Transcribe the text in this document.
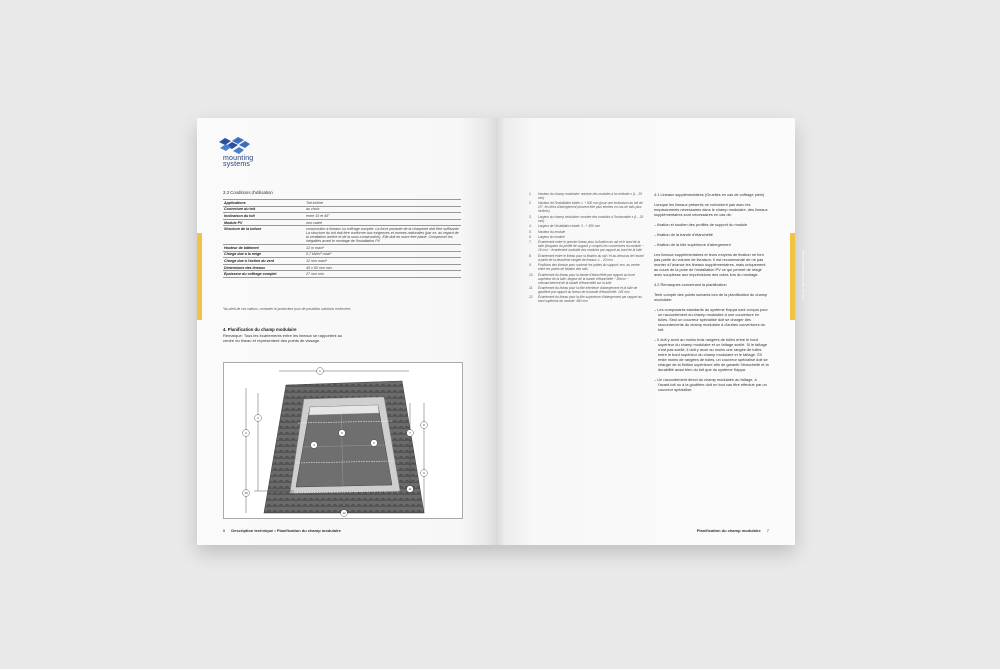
Planung · Beschreibung des Montage
mounting
systems
3.3 Conditions d'utilisation
Applications	Toit incliné
Couverture du toit	au choix
Inclinaison du toit	entre 15 et 45°
Module PV	non cadré
Structure de la toiture	construction à lineaux ou coffrage complet. La force portante de la charpente doit être suffisante. La structure du toit doit être conforme aux exigences et normes nationales (par ex. au regard de la ventilation arrière et de la sous-construction). Elle doit en outre être plane. Compenser les inégalités avant le montage de l'installation PV
Hauteur de bâtiment	12 m maxi*
Charge due à la neige	0,7 kN/m² maxi*
Charge due à l'action du vent	12 mm maxi*
Dimensions des lineaux	40 x 60 mm min.
Épaisseur du coffrage complet	27 mm min.
*Au-delà de ces valeurs, contacter le producteur pour de possibles solutions renforcées
4. Planification du champ modulaire
Remarque: Tous les écartements entre les lineaux se rapportent au centre du lineau et représentent des points de vissage.
1
2
3
4	5
6	7
8
9
10
11
12
6 Description technique • Planification du champ modulaire
Planung · Beschreibung des Montage
1.	Hauteur du champ modulaire: nombre des modules à la verticale x (L - 25 mm)
2.	Hauteur de l'installation totale: L + 600 mm (pour une inclinaison au toit de 10°, les tôles d'abergement peuvent être plus étroites en cas de toits plus inclinés)
3.	Largeur du champ modulaire: nombre des modules à l'horizontale x (L - 20 mm)
4.	Largeur de l'installation totale: 3 - + 500 mm
5.	Hauteur du module
6.	Largeur du module
7.	Écartement entre le premier lineau pour la fixation du rail et le bord de la tuile (longueur du profilé de support y compris les couvertures du module ~ 16 mm ~ écartement souhaité des modules par rapport au bord de la tuile
8.	Écartement entre le lineau pour la fixation du rail / et au-dessous de l'avant à partir de la deuxième rangée de lineaux: L - 20 mm
9.	Positions des lineaux pour soutenir les pattes du support: env. au centre entre les points de fixation des rails
10.	Écartement du lineau pour la bande d'étanchéité par rapport au bord supérieur de la tuile: largeur de la bande d'étanchéité ~ 80mm ~ chevauchement de la bande d'étanchéité sur la tuile
11.	Écartement du lineau pour la tôle inférieure d'abergement et la tuile de gouttière par rapport au lineau de la bande d'étanchéité: 145 mm
12.	Écartement du lineau pour la tôle supérieure d'abergement par rapport au bord supérieur du module: 480 mm

4.1 Lineaux supplémentaires (Gruelles en cas de coffrage plein)

Lorsque les lineaux présents ne coïncident pas avec les emplacements nécessaires dans le champ modulaire, des lineaux supplémentaires sont nécessaires en cas de:

– fixation et soutien des profilés de support du module
– fixation de la bande d'étanchéité
– fixation de la tôle supérieure d'abergement

Les lineaux supplémentaires et leurs moyens de fixation ne font pas partie du volume de livraison. Il est recommandé de ne pas monter à l'avance les lineaux supplémentaires, mais uniquement au cours de la pose de l'installation PV ce qui permet de réagir avec souplesse aux imprécisions des cotes lors du montage.

4.2 Remarques concernant la planification

Tenir compte des points suivants lors de la planification du champ modulaire:

– Les composants standards du système Kappa sont conçus pour un raccordement du champ modulaire à une couverture en tuiles. Seul un couvreur spécialisé doit se charger des raccordements du champ modulaire à d'autres couvertures du toit.
– Il doit y avoir au moins trois rangées de tuiles entre le bord supérieur du champ modulaire et un faîtage scellé. Si le faîtage n'est pas scellé, il doit y avoir au moins une rangée de tuiles entre le bord supérieur du champ modulaire et le faîtage. S'il reste moins de rangées de tuiles, un couvreur spécialisé doit se charger de la finition supérieure afin de garantir l'étanchéité et la durabilité aussi bien du toit que du système Kappa.
– Un raccordement direct du champ modulaire au faîtage, à l'avant-toit ou à la gouttière doit en tout cas être effectué par un couvreur spécialisé.
Planification du champ modulaire 7
